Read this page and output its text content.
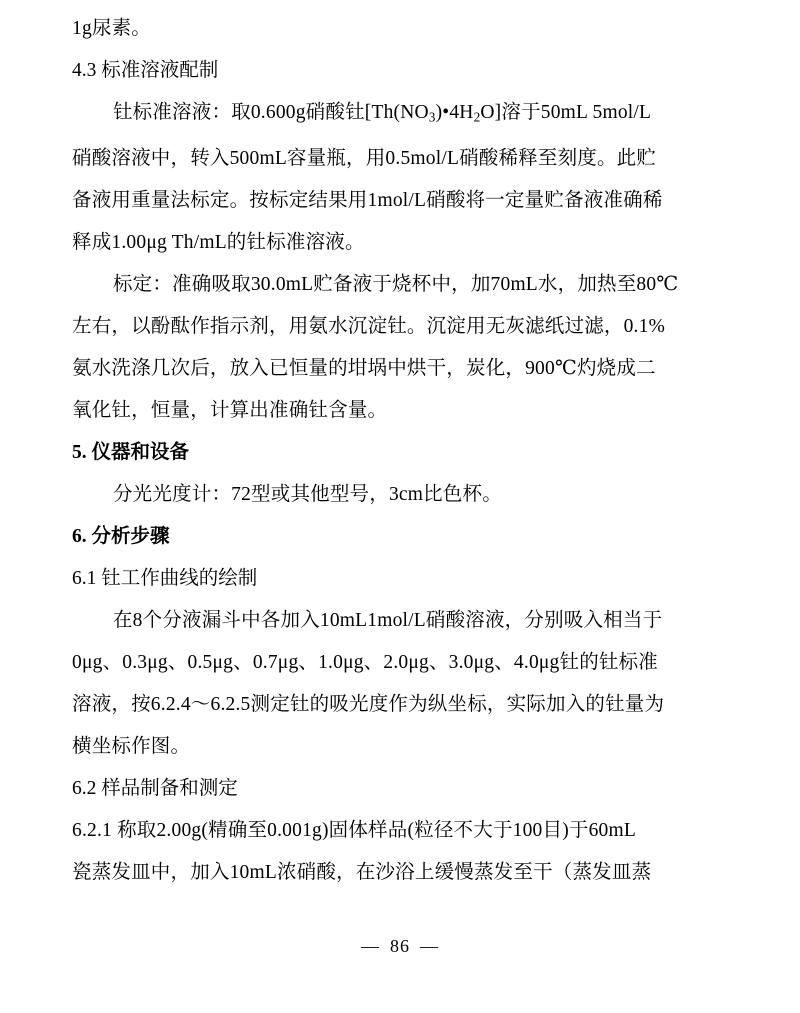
1g尿素。
4.3 标准溶液配制
钍标准溶液：取0.600g硝酸钍$[Th(NO_3)•4H_2O]$溶于50mL 5mol/L
硝酸溶液中，转入500mL容量瓶，用0.5mol/L硝酸稀释至刻度。此贮
备液用重量法标定。按标定结果用1mol/L硝酸将一定量贮备液准确稀
释成1.00μg Th/mL的钍标准溶液。
标定：准确吸取30.0mL贮备液于烧杯中，加70mL水，加热至80℃
左右，以酚酞作指示剂，用氨水沉淀钍。沉淀用无灰滤纸过滤，0.1%
氨水洗涤几次后，放入已恒量的坩埚中烘干，炭化，900℃灼烧成二
氧化钍，恒量，计算出准确钍含量。
5. 仪器和设备
分光光度计：72型或其他型号，3cm比色杯。
6. 分析步骤
6.1 钍工作曲线的绘制
在8个分液漏斗中各加入10mL1mol/L硝酸溶液，分别吸入相当于
0μg、0.3μg、0.5μg、0.7μg、1.0μg、2.0μg、3.0μg、4.0μg钍的钍标准
溶液，按6.2.4～6.2.5测定钍的吸光度作为纵坐标，实际加入的钍量为
横坐标作图。
6.2 样品制备和测定
6.2.1 称取2.00g(精确至0.001g)固体样品(粒径不大于100目)于60mL
瓷蒸发皿中，加入10mL浓硝酸，在沙浴上缓慢蒸发至干（蒸发皿蒸
— 86 —
